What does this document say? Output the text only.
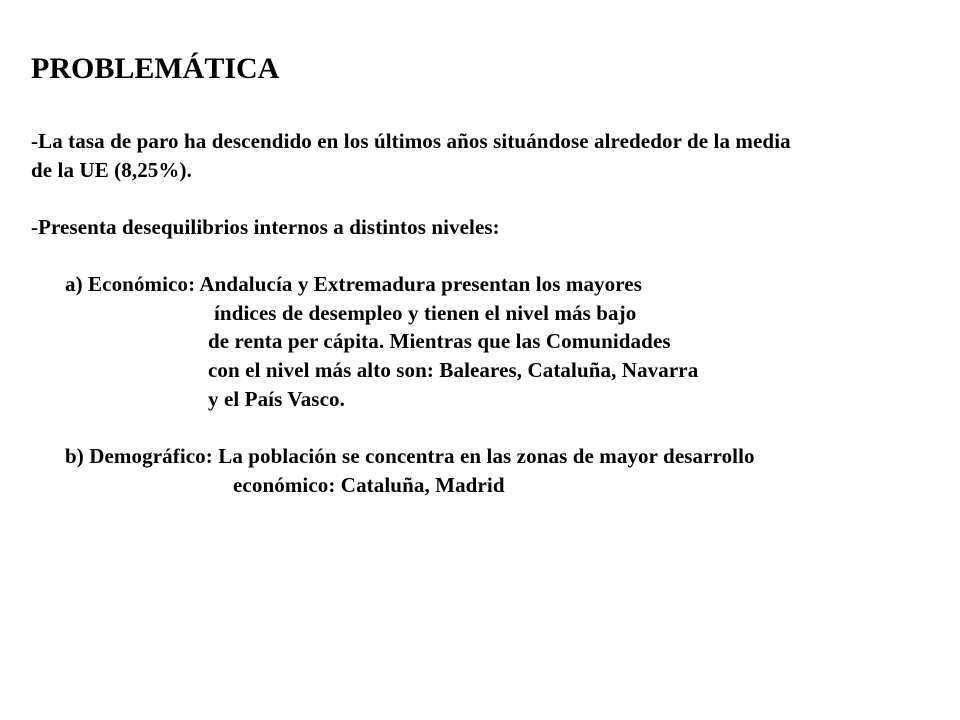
PROBLEMÁTICA
-La tasa de paro ha descendido en los últimos años situándose alrededor de la media
de la UE (8,25%).
-Presenta desequilibrios internos a distintos niveles:
a) Económico: Andalucía y Extremadura presentan los mayores
índices de desempleo y tienen el nivel más bajo
de renta per cápita. Mientras que las Comunidades
con el nivel más alto son: Baleares, Cataluña, Navarra
y el País Vasco.
b) Demográfico: La población se concentra en las zonas de mayor desarrollo
económico: Cataluña, Madrid
